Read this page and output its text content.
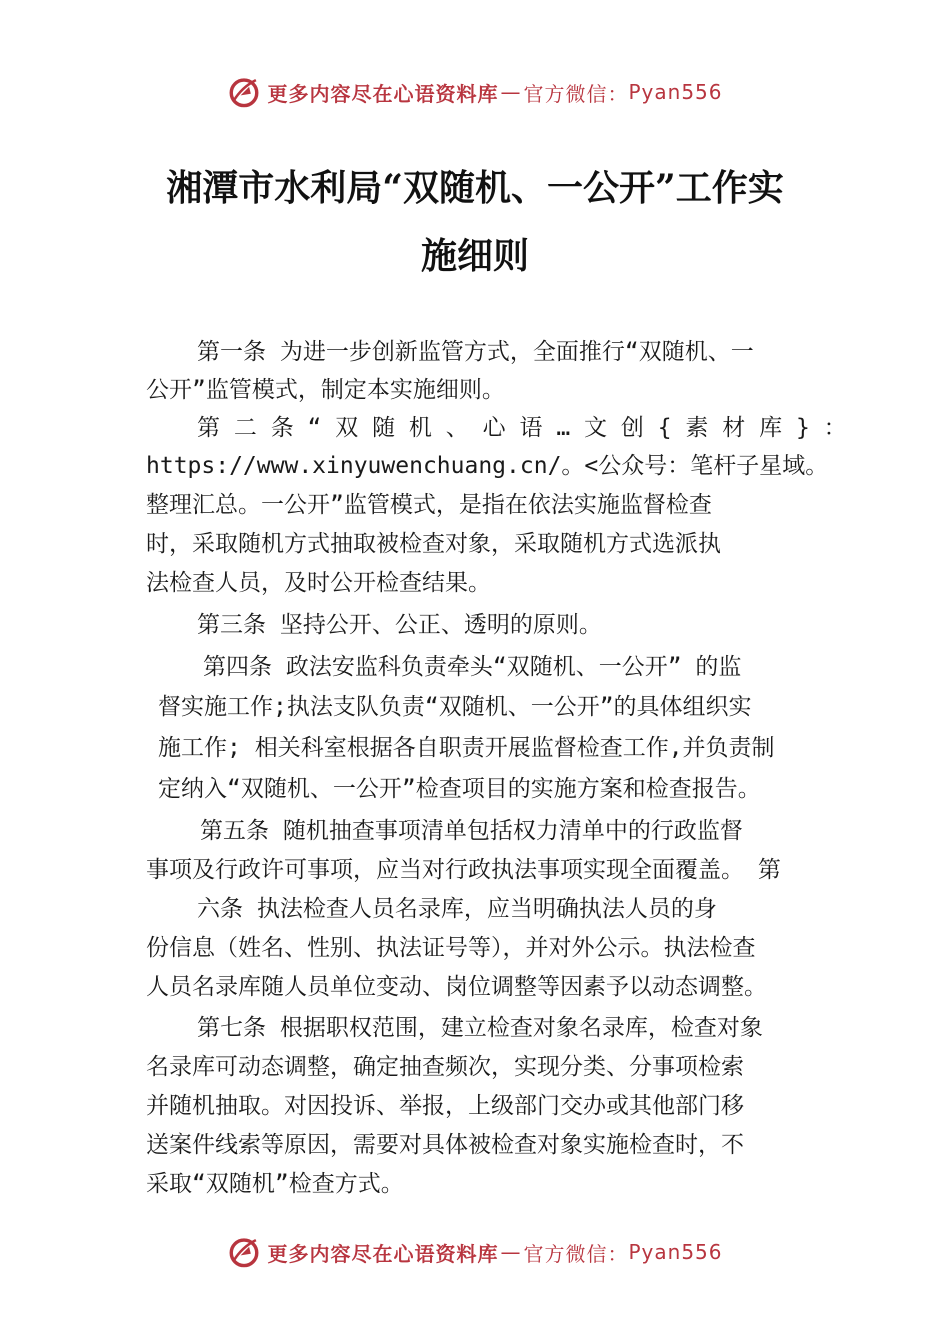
更多内容尽在心语资料库 — 官方微信： Pyan556
湘潭市水利局“双随机、一公开”工作实
施细则
第一条 为进一步创新监管方式，全面推行“双随机、一
公开”监管模式，制定本实施细则。
第 二 条 “ 双 随 机 、 心 语 … 文 创 { 素 材 库 } ：
https://www.xinyuwenchuang.cn/。<公众号：笔杆子星域。
整理汇总。一公开”监管模式，是指在依法实施监督检查
时，采取随机方式抽取被检查对象，采取随机方式选派执
法检查人员，及时公开检查结果。
第三条 坚持公开、公正、透明的原则。
第四条 政法安监科负责牵头“双随机、一公开” 的监
督实施工作;执法支队负责“双随机、一公开”的具体组织实
施工作; 相关科室根据各自职责开展监督检查工作,并负责制
定纳入“双随机、一公开”检查项目的实施方案和检查报告。
第五条 随机抽查事项清单包括权力清单中的行政监督
事项及行政许可事项，应当对行政执法事项实现全面覆盖。 第
六条 执法检查人员名录库，应当明确执法人员的身
份信息（姓名、性别、执法证号等），并对外公示。执法检查
人员名录库随人员单位变动、岗位调整等因素予以动态调整。
第七条 根据职权范围，建立检查对象名录库，检查对象
名录库可动态调整，确定抽查频次，实现分类、分事项检索
并随机抽取。对因投诉、举报，上级部门交办或其他部门移
送案件线索等原因，需要对具体被检查对象实施检查时，不
采取“双随机”检查方式。
更多内容尽在心语资料库 — 官方微信： Pyan556
